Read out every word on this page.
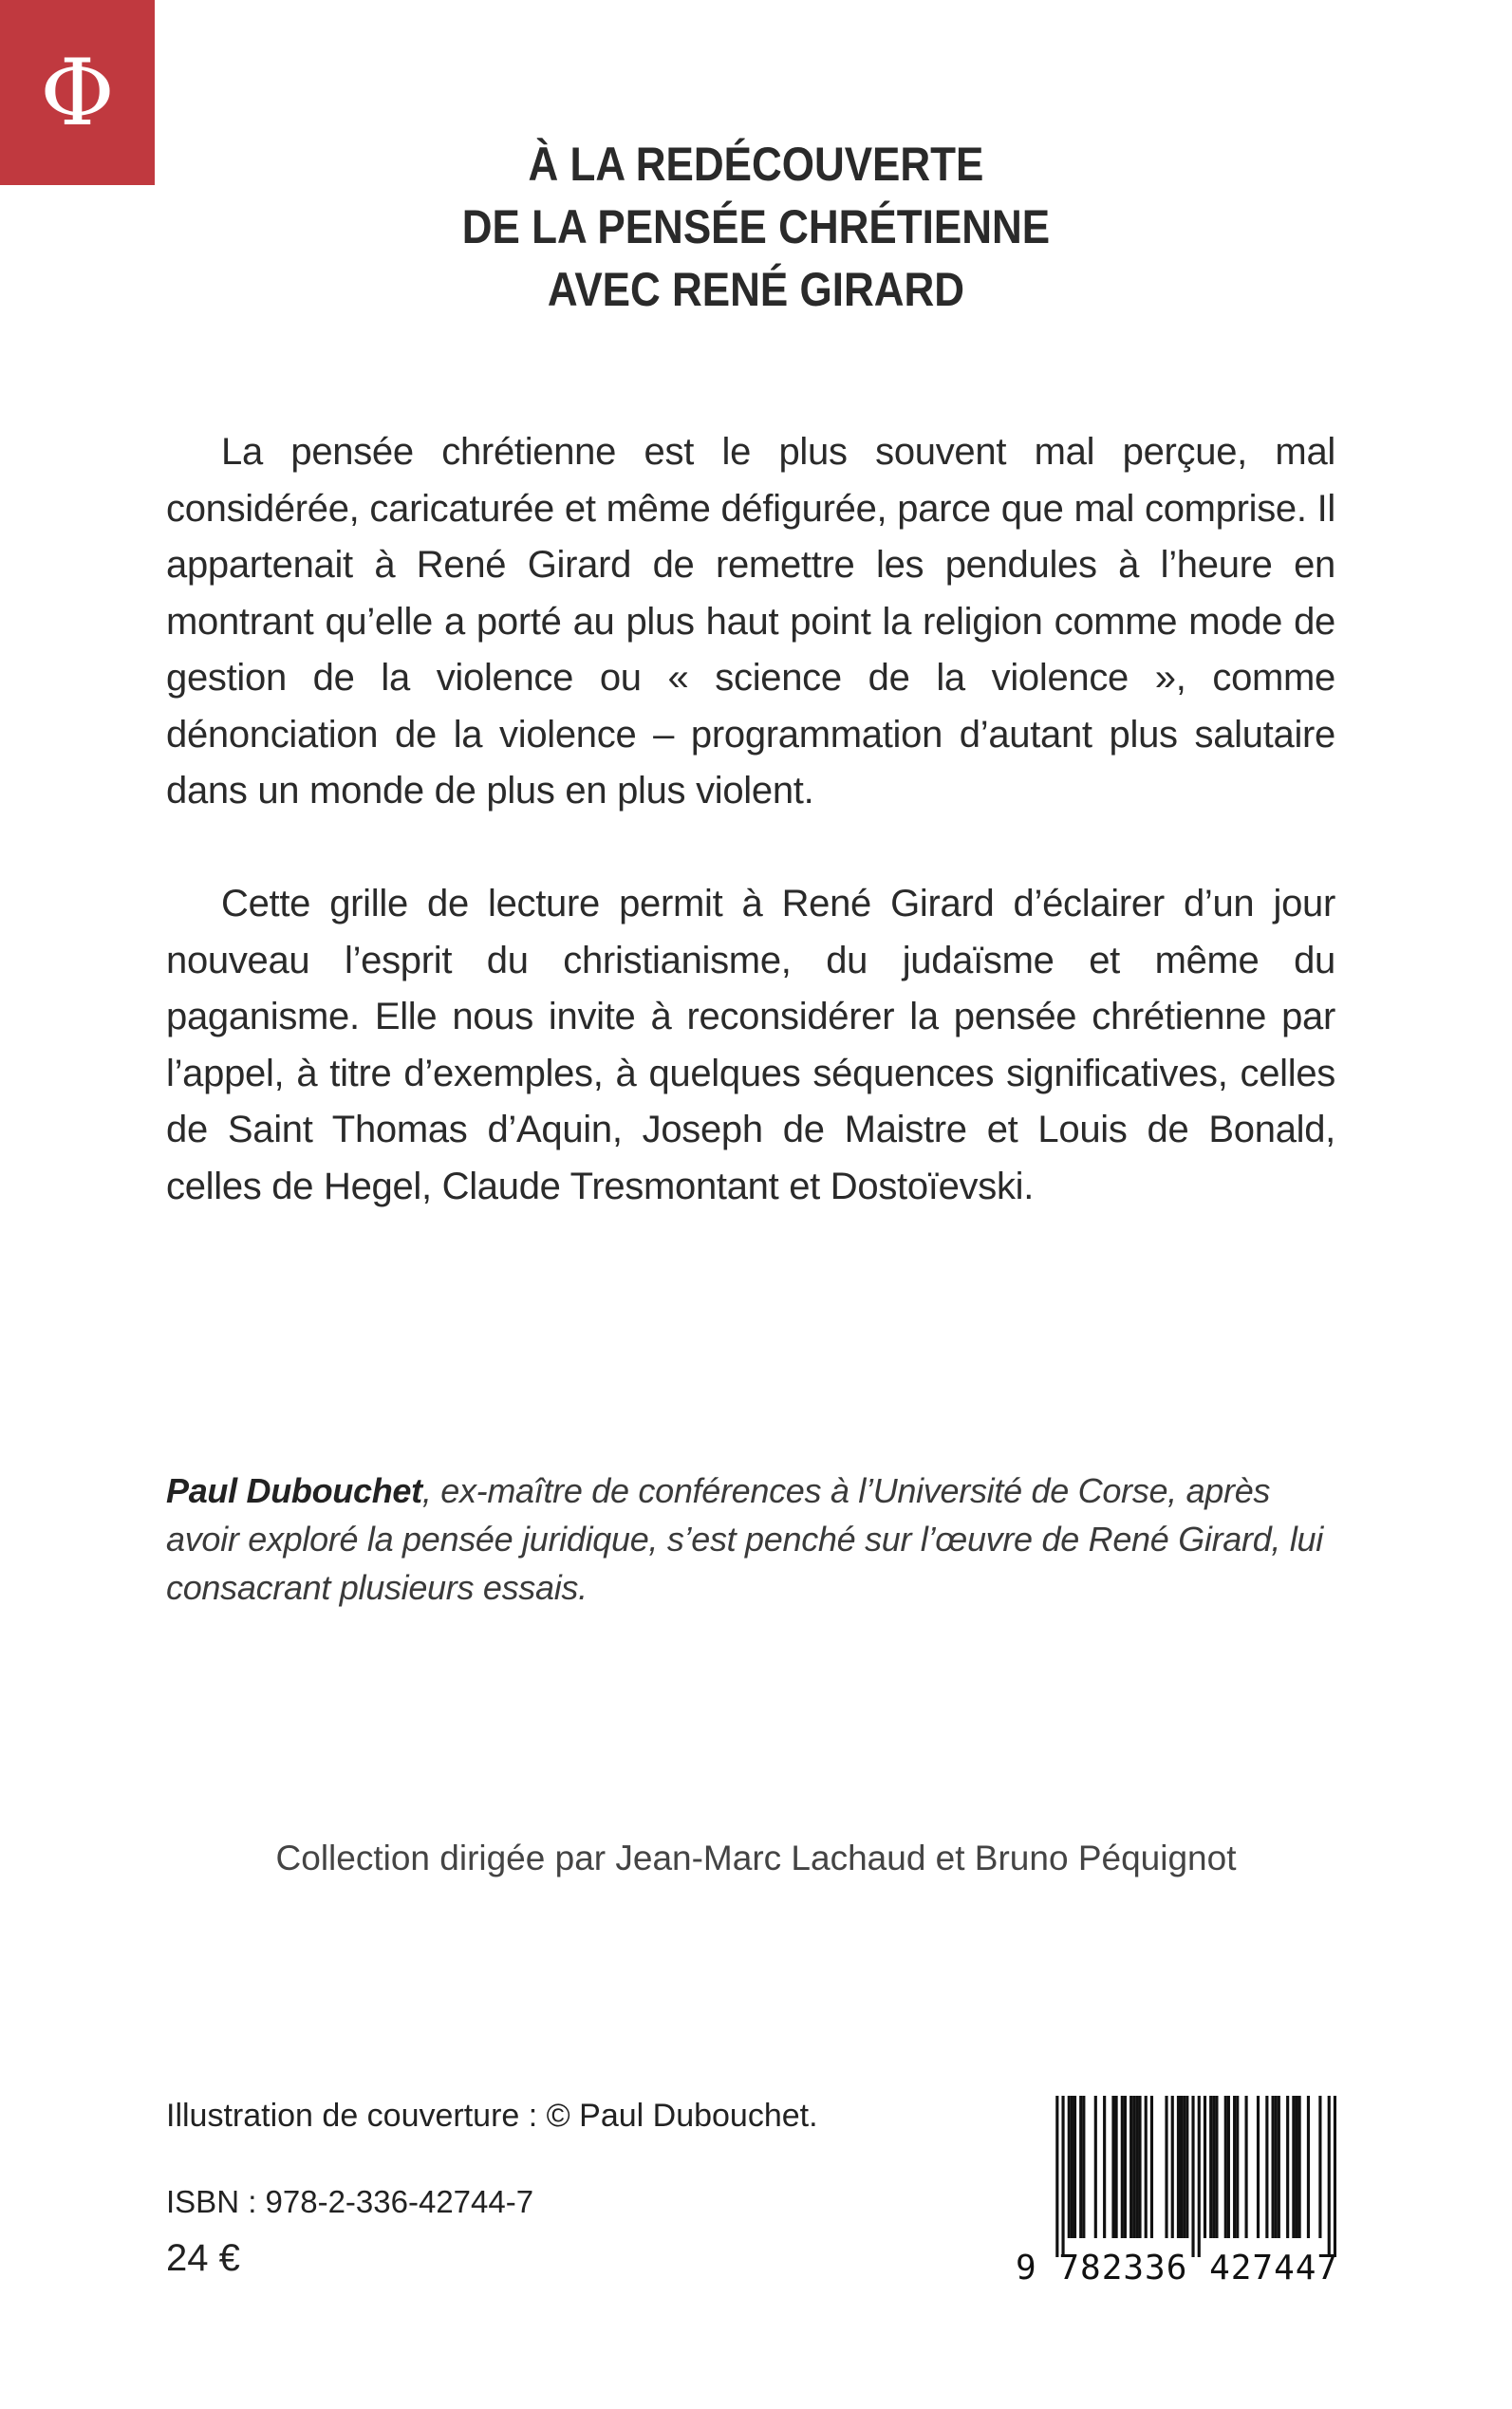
Φ
À LA REDÉCOUVERTE
DE LA PENSÉE CHRÉTIENNE
AVEC RENÉ GIRARD

La pensée chrétienne est le plus souvent mal perçue, mal considérée, caricaturée et même défigurée, parce que mal comprise. Il appartenait à René Girard de remettre les pendules à l’heure en montrant qu’elle a porté au plus haut point la religion comme mode de gestion de la violence ou « science de la violence », comme dénonciation de la violence – programmation d’autant plus salutaire dans un monde de plus en plus violent.

Cette grille de lecture permit à René Girard d’éclairer d’un jour nouveau l’esprit du christianisme, du judaïsme et même du paganisme. Elle nous invite à reconsidérer la pensée chrétienne par l’appel, à titre d’exemples, à quelques séquences significatives, celles de Saint Thomas d’Aquin, Joseph de Maistre et Louis de Bonald, celles de Hegel, Claude Tresmontant et Dostoïevski.

Paul Dubouchet, ex-maître de conférences à l’Université de Corse, après avoir exploré la pensée juridique, s’est penché sur l’œuvre de René Girard, lui consacrant plusieurs essais.
Collection dirigée par Jean-Marc Lachaud et Bruno Péquignot
Illustration de couverture : © Paul Dubouchet.
ISBN : 978-2-336-42744-7
24 €	9 782336 427447
